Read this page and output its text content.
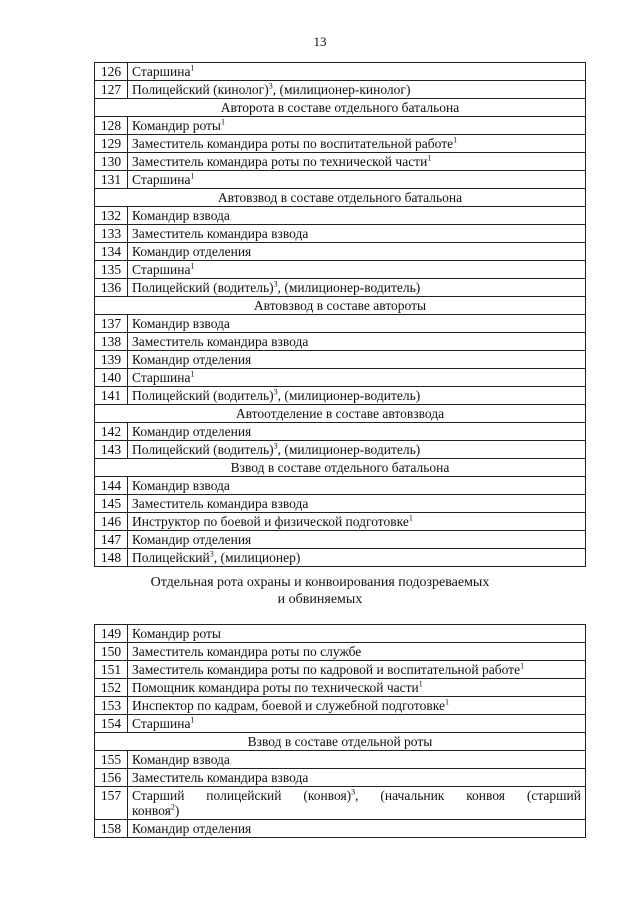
13
126	Старшина$^1$
127	Полицейский (кинолог)$^3$, (милиционер-кинолог)
Авторота в составе отдельного батальона	
128	Командир роты$^1$
129	Заместитель командира роты по воспитательной работе$^1$
130	Заместитель командира роты по технической части$^1$
131	Старшина$^1$
Автовзвод в составе отдельного батальона	
132	Командир взвода
133	Заместитель командира взвода
134	Командир отделения
135	Старшина$^1$
136	Полицейский (водитель)$^3$, (милиционер-водитель)
Автовзвод в составе автороты	
137	Командир взвода
138	Заместитель командира взвода
139	Командир отделения
140	Старшина$^1$
141	Полицейский (водитель)$^3$, (милиционер-водитель)
Автоотделение в составе автовзвода	
142	Командир отделения
143	Полицейский (водитель)$^3$, (милиционер-водитель)
Взвод в составе отдельного батальона	
144	Командир взвода
145	Заместитель командира взвода
146	Инструктор по боевой и физической подготовке$^1$
147	Командир отделения
148	Полицейский$^3$, (милиционер)
Отдельная рота охраны и конвоирования подозреваемых
и обвиняемых
149	Командир роты
150	Заместитель командира роты по службе
151	Заместитель командира роты по кадровой и воспитательной работе$^1$
152	Помощник командира роты по технической части$^1$
153	Инспектор по кадрам, боевой и служебной подготовке$^1$
154	Старшина$^1$
Взвод в составе отдельной роты	
155	Командир взвода
156	Заместитель командира взвода
157	Старший полицейский (конвоя)$^3$, (начальник конвоя (старший
конвоя$^2$)

158	Командир отделения
